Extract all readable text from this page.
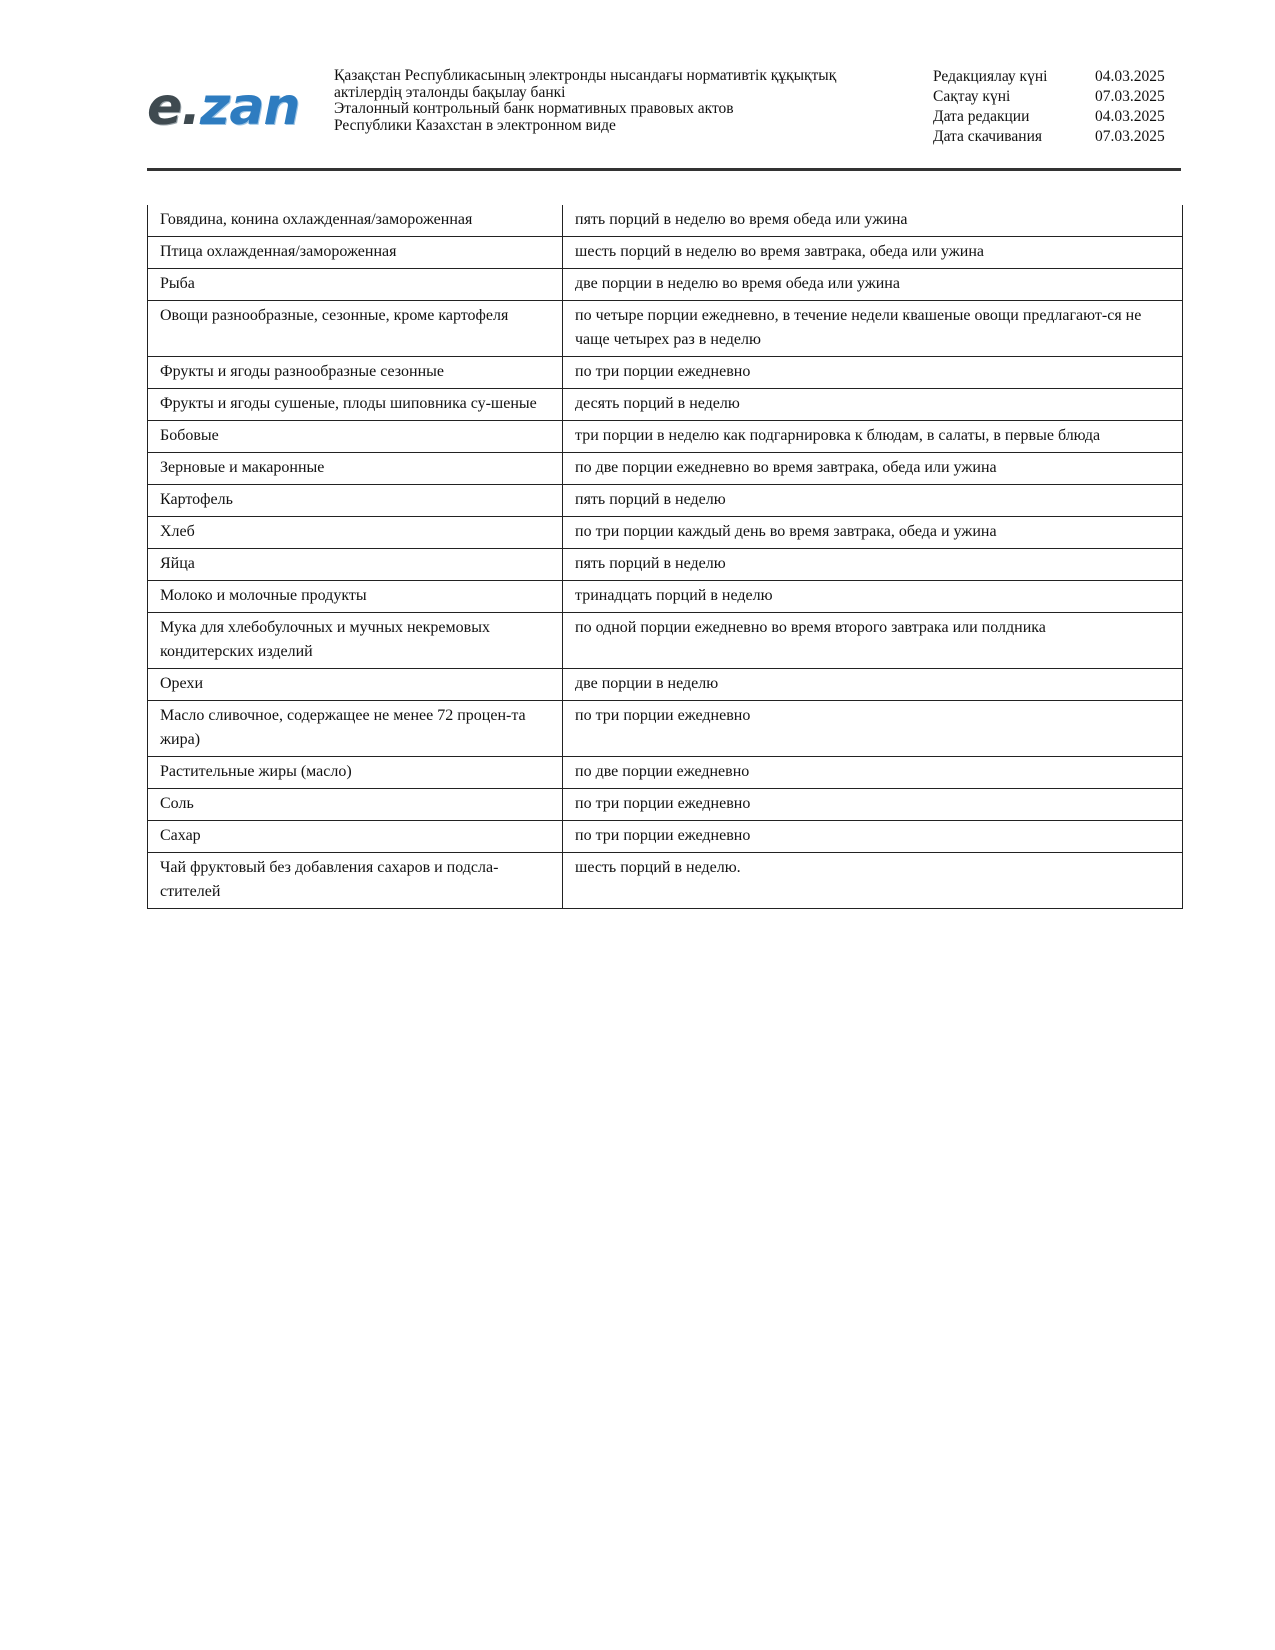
e.zan
Қазақстан Республикасының электронды нысандағы нормативтік құқықтық
актілердің эталонды бақылау банкі
Эталонный контрольный банк нормативных правовых актов
Республики Казахстан в электронном виде
Редакциялау күні	04.03.2025
Сақтау күні	07.03.2025
Дата редакции	04.03.2025
Дата скачивания	07.03.2025
Говядина, конина охлажденная/замороженная	пять порций в неделю во время обеда или ужина
Птица охлажденная/замороженная	шесть порций в неделю во время завтрака, обеда или ужина
Рыба	две порции в неделю во время обеда или ужина
Овощи разнообразные, сезонные, кроме картофеля	по четыре порции ежедневно, в течение недели квашеные овощи предлагают-ся не чаще четырех раз в неделю
Фрукты и ягоды разнообразные сезонные	по три порции ежедневно
Фрукты и ягоды сушеные, плоды шиповника су-шеные	десять порций в неделю
Бобовые	три порции в неделю как подгарнировка к блюдам, в салаты, в первые блюда
Зерновые и макаронные	по две порции ежедневно во время завтрака, обеда или ужина
Картофель	пять порций в неделю
Хлеб	по три порции каждый день во время завтрака, обеда и ужина
Яйца	пять порций в неделю
Молоко и молочные продукты	тринадцать порций в неделю
Мука для хлебобулочных и мучных некремовых кондитерских изделий	по одной порции ежедневно во время второго завтрака или полдника
Орехи	две порции в неделю
Масло сливочное, содержащее не менее 72 процен-та жира)	по три порции ежедневно
Растительные жиры (масло)	по две порции ежедневно
Соль	по три порции ежедневно
Сахар	по три порции ежедневно
Чай фруктовый без добавления сахаров и подсла-стителей	шесть порций в неделю.
